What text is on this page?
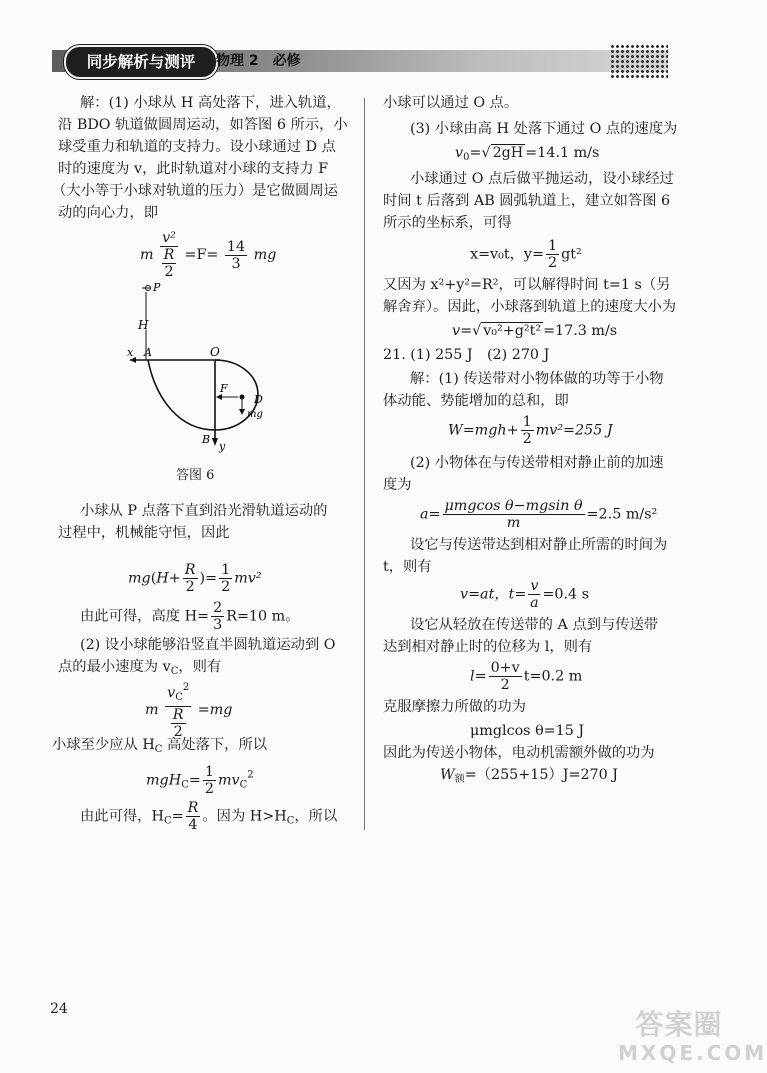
同步解析与测评	物理 2　必修
解：(1) 小球从 H 高处落下，进入轨道，
沿 BDO 轨道做圆周运动，如答图 6 所示，小
球受重力和轨道的支持力。设小球通过 D 点
时的速度为 v，此时轨道对小球的支持力 F
（大小等于小球对轨道的压力）是它做圆周运
动的向心力，即
m $\frac{\text{v²}}{\frac{R}{2}} =F= \frac{14}{3}$ mg
P
H
x A	O
F
D
mg
B
y
答图 6
小球从 P 点落下直到沿光滑轨道运动的
过程中，机械能守恒，因此
$mg(H+ \frac{R}{2}$ )= $\frac{1}{2} mv^2$
由此可得，高度 $H= \frac{2}{3} R=10$ m。
(2) 设小球能够沿竖直半圆轨道运动到 O
点的最小速度为 $v_C$，则有
m $\frac{v_C^2}{\frac{R}{2}} =mg$
小球至少应从 $H_C$ 高处落下，所以
$mgH_C= \frac{1}{2} mv_C^2$
由此可得，$H_C= \frac{R}{4}$ 。因为 $H>H_C$，所以
小球可以通过 O 点。
(3) 小球由高 H 处落下通过 O 点的速度为
$v_0=√$ 2gH =14.1 m/s
小球通过 O 点后做平抛运动，设小球经过
时间 t 后落到 AB 圆弧轨道上，建立如答图 6
所示的坐标系，可得
x=v₀t，$y= \frac{1}{2} gt^2$
又因为 x²+y²=R²，可以解得时间 t=1 s（另
解舍弃）。因此，小球落到轨道上的速度大小为
v=√ v₀²+g²t² =17.3 m/s
21. (1) 255 J　(2) 270 J
解：(1) 传送带对小物体做的功等于小物
体动能、势能增加的总和，即
$W=mgh+ \frac{1}{2} mv^2=255$ J
(2) 小物体在与传送带相对静止前的加速
度为
$a= \frac{\text{μmgcos θ−mgsin θ}}{m} =2.5$ m/s²
设它与传送带达到相对静止所需的时间为
t，则有
v=at，$t= \frac{v}{a} =0.4$ s
设它从轻放在传送带的 A 点到与传送带
达到相对静止时的位移为 l，则有
$l= \frac{0+v}{2} t=0.2$ m
克服摩擦力所做的功为
μmglcos θ=15 J
因此为传送小物体，电动机需额外做的功为
$W_额=(255+15)J=270$ J
24	答案圈
MXQE.COM
